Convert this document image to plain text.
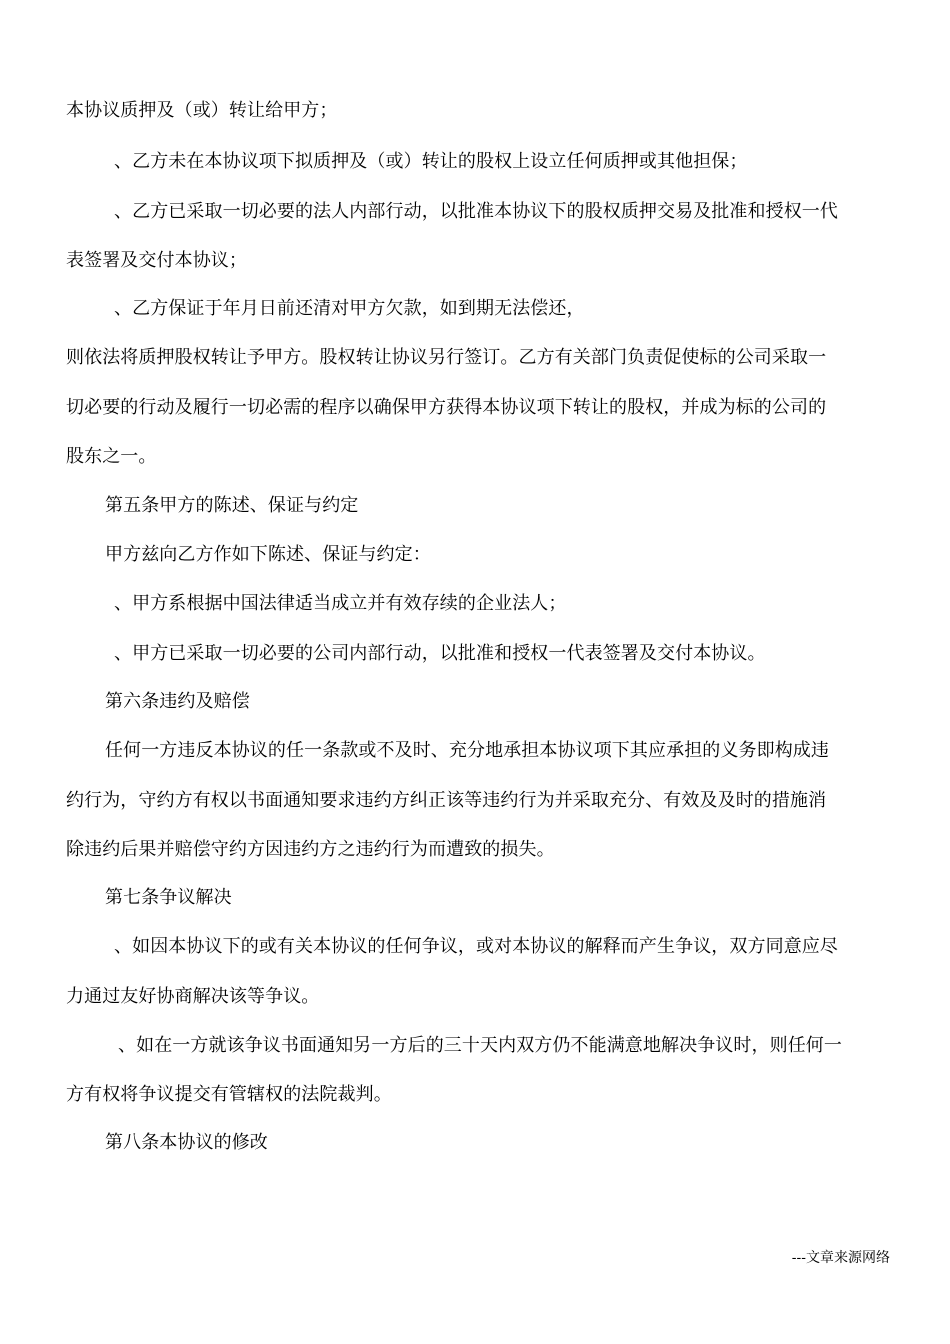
本协议质押及（或）转让给甲方；
、乙方未在本协议项下拟质押及（或）转让的股权上设立任何质押或其他担保；
、乙方已采取一切必要的法人内部行动，以批准本协议下的股权质押交易及批准和授权一代
表签署及交付本协议；
、乙方保证于年月日前还清对甲方欠款，如到期无法偿还，
则依法将质押股权转让予甲方。股权转让协议另行签订。乙方有关部门负责促使标的公司采取一
切必要的行动及履行一切必需的程序以确保甲方获得本协议项下转让的股权，并成为标的公司的
股东之一。
第五条甲方的陈述、保证与约定
甲方兹向乙方作如下陈述、保证与约定：
、甲方系根据中国法律适当成立并有效存续的企业法人；
、甲方已采取一切必要的公司内部行动，以批准和授权一代表签署及交付本协议。
第六条违约及赔偿
任何一方违反本协议的任一条款或不及时、充分地承担本协议项下其应承担的义务即构成违
约行为，守约方有权以书面通知要求违约方纠正该等违约行为并采取充分、有效及及时的措施消
除违约后果并赔偿守约方因违约方之违约行为而遭致的损失。
第七条争议解决
、如因本协议下的或有关本协议的任何争议，或对本协议的解释而产生争议，双方同意应尽
力通过友好协商解决该等争议。
、如在一方就该争议书面通知另一方后的三十天内双方仍不能满意地解决争议时，则任何一
方有权将争议提交有管辖权的法院裁判。
第八条本协议的修改
---文章来源网络
